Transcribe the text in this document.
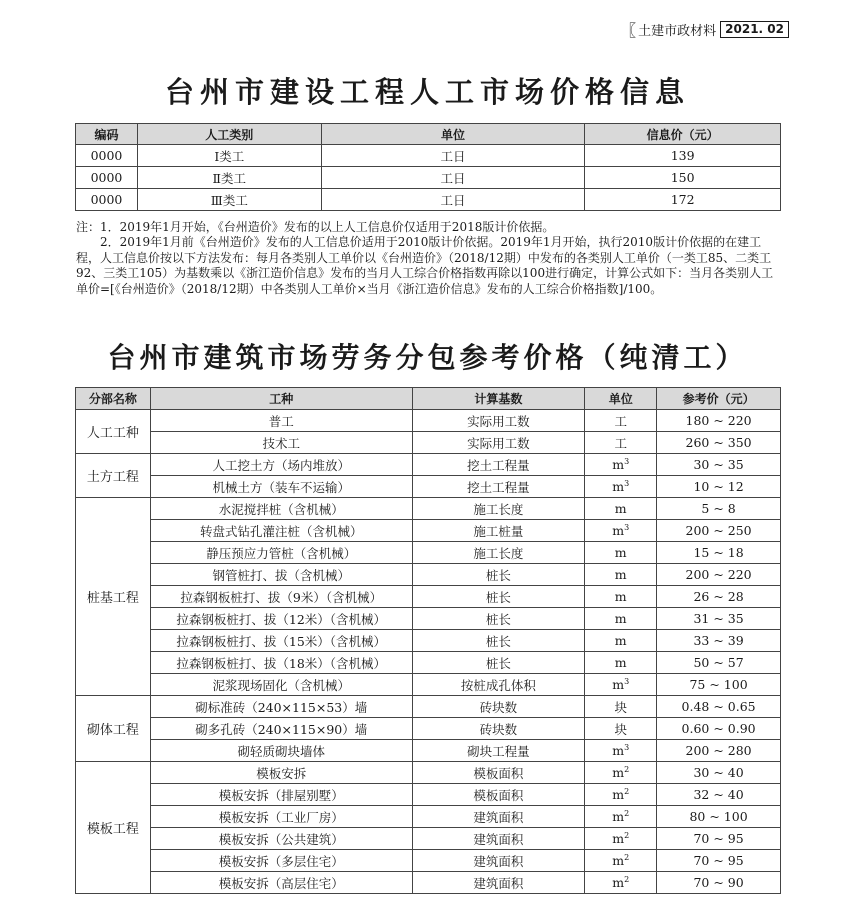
〖 土建市政材料 2021. 02
台州市建设工程人工市场价格信息
编码	人工类别	单位	信息价（元）
0000	Ⅰ类工	工日	139
0000	Ⅱ类工	工日	150
0000	Ⅲ类工	工日	172

注：1．2019年1月开始，《台州造价》发布的以上人工信息价仅适用于2018版计价依据。

2．2019年1月前《台州造价》发布的人工信息价适用于2010版计价依据。2019年1月开始，执行2010版计价依据的在建工程，人工信息价按以下方法发布：每月各类别人工单价以《台州造价》（2018/12期）中发布的各类别人工单价（一类工85、二类工92、三类工105）为基数乘以《浙江造价信息》发布的当月人工综合价格指数再除以100进行确定，计算公式如下：当月各类别人工单价=[《台州造价》（2018/12期）中各类别人工单价×当月《浙江造价信息》发布的人工综合价格指数]/100。

台州市建筑市场劳务分包参考价格（纯清工）
分部名称	工种	计算基数	单位	参考价（元）
人工工种	普工	实际用工数	工	180 ~ 220
	技术工	实际用工数	工	260 ~ 350
土方工程	人工挖土方（场内堆放）	挖土工程量	$m^3$	30 ~ 35
	机械土方（装车不运输）	挖土工程量	$m^3$	10 ~ 12
桩基工程	水泥搅拌桩（含机械）	施工长度	m	5 ~ 8
	转盘式钻孔灌注桩（含机械）	施工桩量	$m^3$	200 ~ 250
	静压预应力管桩（含机械）	施工长度	m	15 ~ 18
	钢管桩打、拔（含机械）	桩长	m	200 ~ 220
	拉森钢板桩打、拔（9米）（含机械）	桩长	m	26 ~ 28
	拉森钢板桩打、拔（12米）（含机械）	桩长	m	31 ~ 35
	拉森钢板桩打、拔（15米）（含机械）	桩长	m	33 ~ 39
	拉森钢板桩打、拔（18米）（含机械）	桩长	m	50 ~ 57
	泥浆现场固化（含机械）	按桩成孔体积	$m^3$	75 ~ 100
砌体工程	砌标准砖（240×115×53）墙	砖块数	块	0.48 ~ 0.65
	砌多孔砖（240×115×90）墙	砖块数	块	0.60 ~ 0.90
	砌轻质砌块墙体	砌块工程量	$m^3$	200 ~ 280
模板工程	模板安拆	模板面积	$m^2$	30 ~ 40
	模板安拆（排屋别墅）	模板面积	$m^2$	32 ~ 40
	模板安拆（工业厂房）	建筑面积	$m^2$	80 ~ 100
	模板安拆（公共建筑）	建筑面积	$m^2$	70 ~ 95
	模板安拆（多层住宅）	建筑面积	$m^2$	70 ~ 95
	模板安拆（高层住宅）	建筑面积	$m^2$	70 ~ 90
